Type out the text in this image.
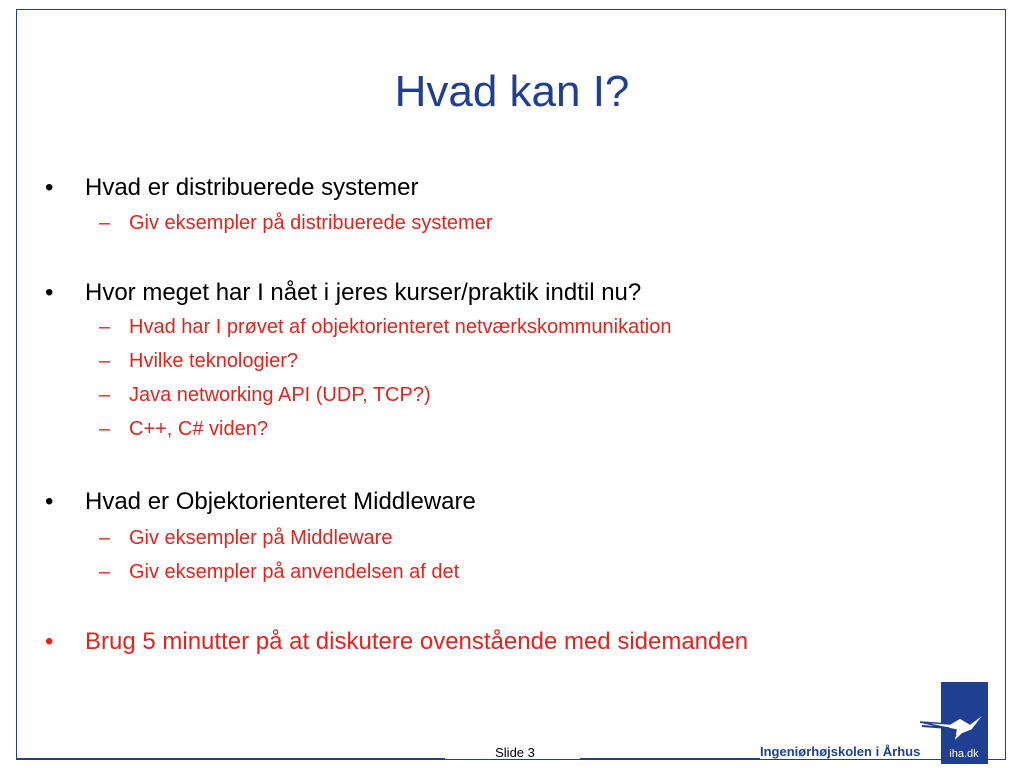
Hvad kan I?
• Hvad er distribuerede systemer
– Giv eksempler på distribuerede systemer
• Hvor meget har I nået i jeres kurser/praktik indtil nu?
– Hvad har I prøvet af objektorienteret netværkskommunikation
– Hvilke teknologier?
– Java networking API (UDP, TCP?)
– C++, C# viden?
• Hvad er Objektorienteret Middleware
– Giv eksempler på Middleware
– Giv eksempler på anvendelsen af det
• Brug 5 minutter på at diskutere ovenstående med sidemanden
Slide 3	Ingeniørhøjskolen i Århus	iha.dk
